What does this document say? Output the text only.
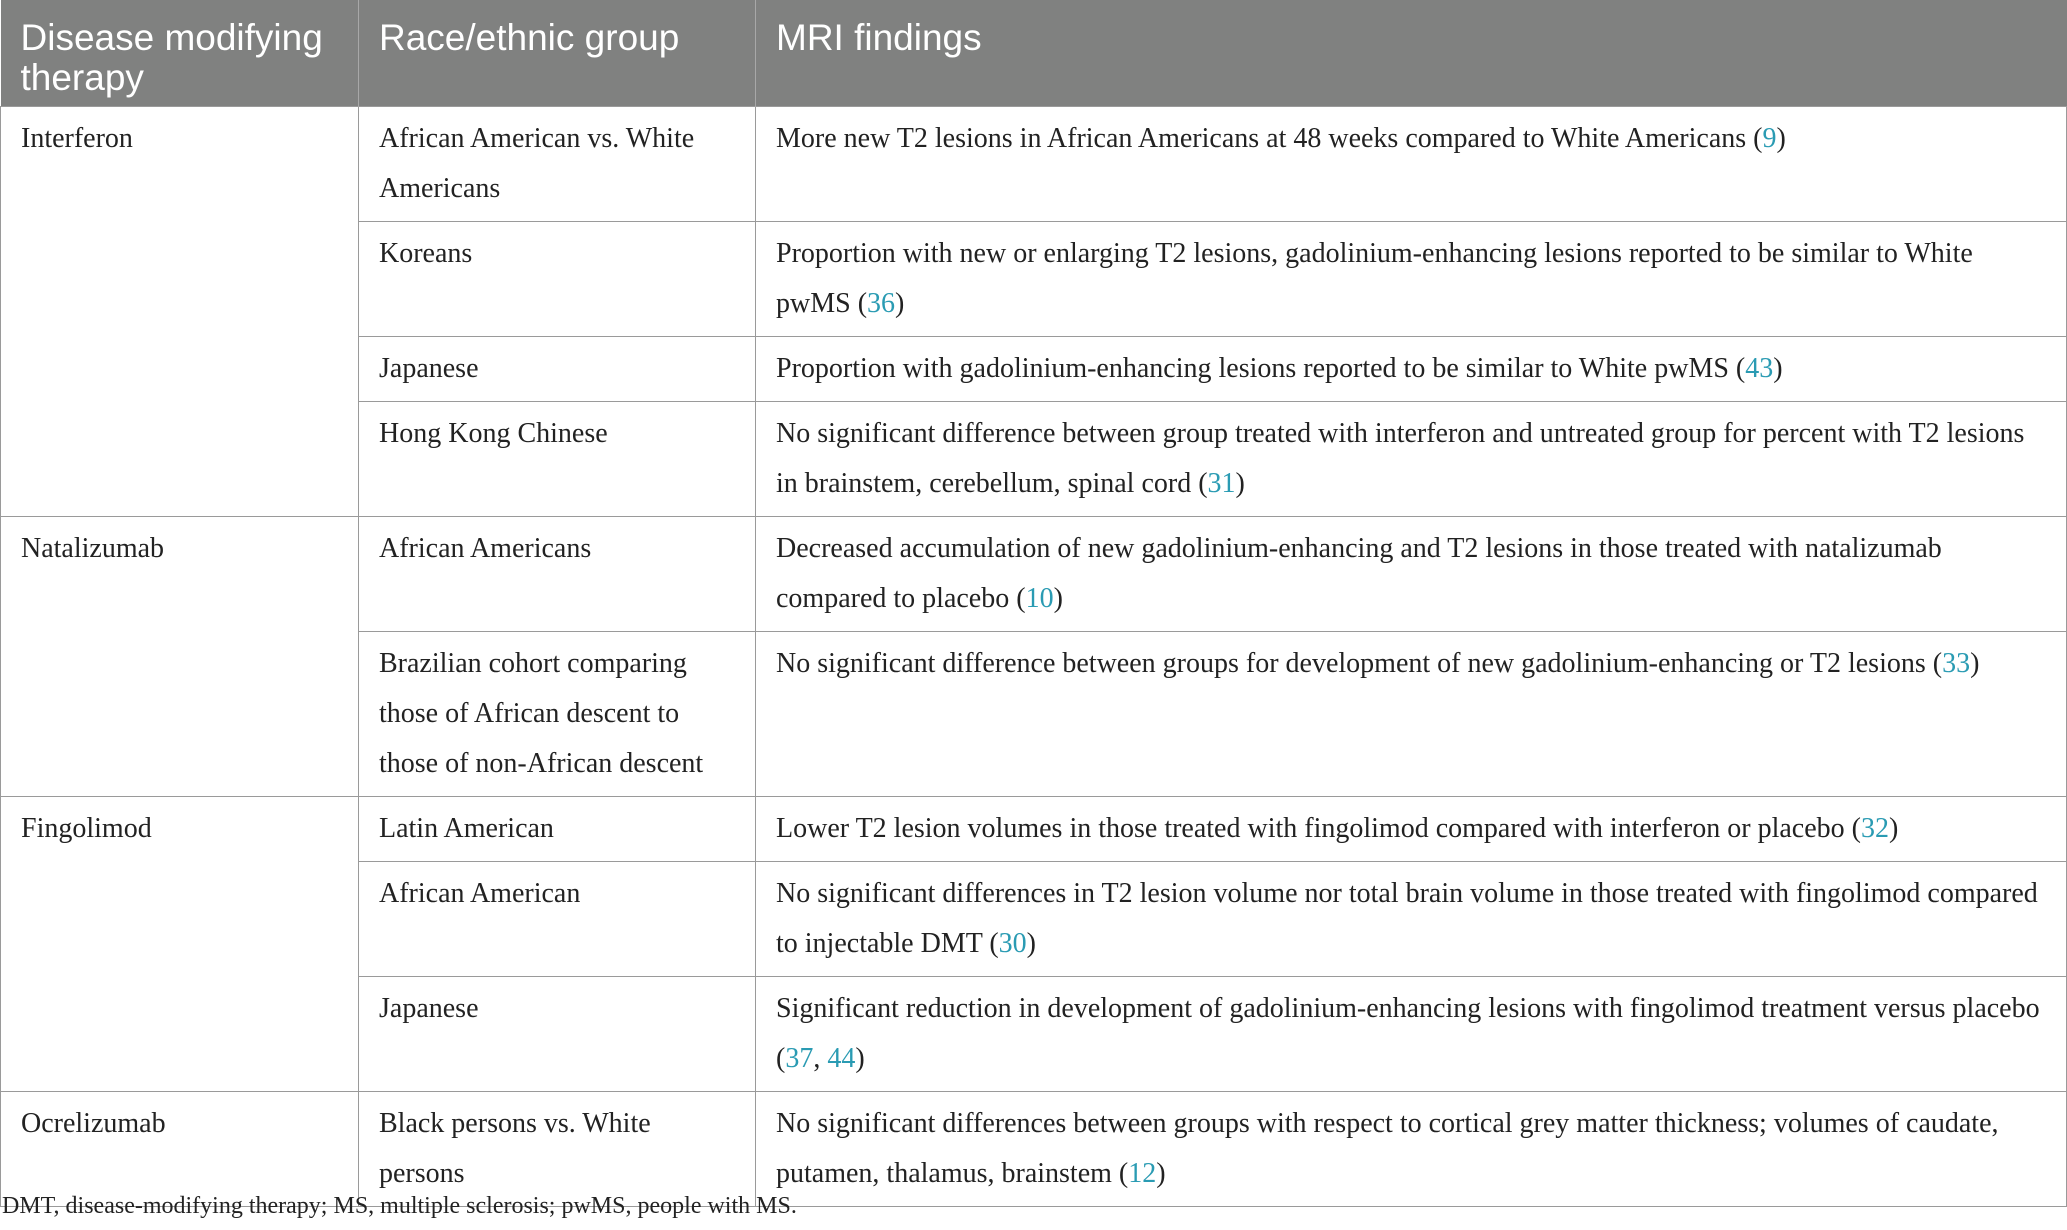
Disease modifying therapy	Race/ethnic group	MRI findings
Interferon	African American vs. White Americans	More new T2 lesions in African Americans at 48 weeks compared to White Americans (9)
	Koreans	Proportion with new or enlarging T2 lesions, gadolinium-enhancing lesions reported to be similar to White pwMS (36)
	Japanese	Proportion with gadolinium-enhancing lesions reported to be similar to White pwMS (43)
	Hong Kong Chinese	No significant difference between group treated with interferon and untreated group for percent with T2 lesions in brainstem, cerebellum, spinal cord (31)
Natalizumab	African Americans	Decreased accumulation of new gadolinium-enhancing and T2 lesions in those treated with natalizumab compared to placebo (10)
	Brazilian cohort comparing those of African descent to those of non-African descent	No significant difference between groups for development of new gadolinium-enhancing or T2 lesions (33)
Fingolimod	Latin American	Lower T2 lesion volumes in those treated with fingolimod compared with interferon or placebo (32)
	African American	No significant differences in T2 lesion volume nor total brain volume in those treated with fingolimod compared to injectable DMT (30)
	Japanese	Significant reduction in development of gadolinium-enhancing lesions with fingolimod treatment versus placebo (37, 44)
Ocrelizumab	Black persons vs. White persons	No significant differences between groups with respect to cortical grey matter thickness; volumes of caudate, putamen, thalamus, brainstem (12)
DMT, disease-modifying therapy; MS, multiple sclerosis; pwMS, people with MS.
